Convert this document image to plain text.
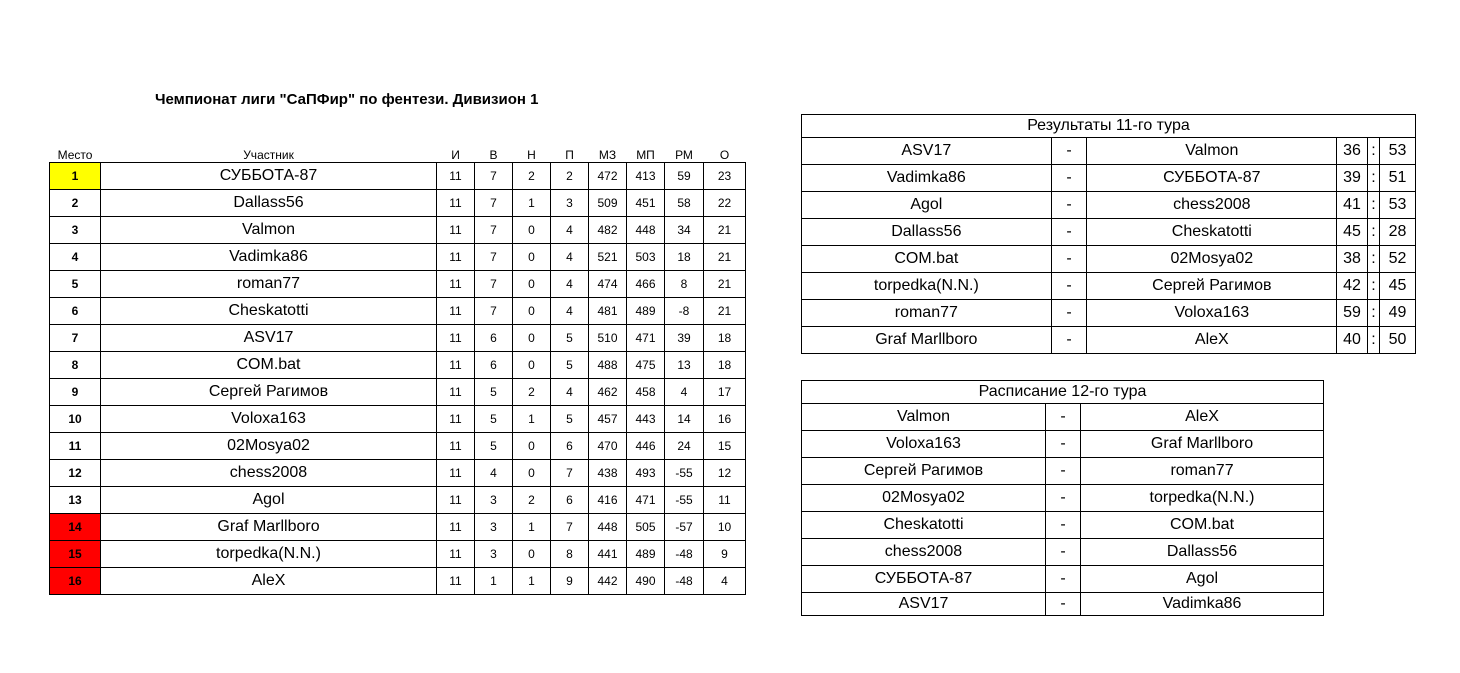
Чемпионат лиги "СаПФир" по фентези. Дивизион 1
Место	Участник	И	В	Н	П	МЗ	МП	РМ	О
1	СУББОТА-87	11	7	2	2	472	413	59	23
2	Dallass56	11	7	1	3	509	451	58	22
3	Valmon	11	7	0	4	482	448	34	21
4	Vadimka86	11	7	0	4	521	503	18	21
5	roman77	11	7	0	4	474	466	8	21
6	Cheskatotti	11	7	0	4	481	489	-8	21
7	ASV17	11	6	0	5	510	471	39	18
8	COM.bat	11	6	0	5	488	475	13	18
9	Сергей Рагимов	11	5	2	4	462	458	4	17
10	Voloxa163	11	5	1	5	457	443	14	16
11	02Mosya02	11	5	0	6	470	446	24	15
12	chess2008	11	4	0	7	438	493	-55	12
13	Agol	11	3	2	6	416	471	-55	11
14	Graf Marllboro	11	3	1	7	448	505	-57	10
15	torpedka(N.N.)	11	3	0	8	441	489	-48	9
16	AleX	11	1	1	9	442	490	-48	4
Результаты 11-го тура					
ASV17	-	Valmon	36	:	53
Vadimka86	-	СУББОТА-87	39	:	51
Agol	-	chess2008	41	:	53
Dallass56	-	Cheskatotti	45	:	28
COM.bat	-	02Mosya02	38	:	52
torpedka(N.N.)	-	Сергей Рагимов	42	:	45
roman77	-	Voloxa163	59	:	49
Graf Marllboro	-	AleX	40	:	50
Расписание 12-го тура		
Valmon	-	AleX
Voloxa163	-	Graf Marllboro
Сергей Рагимов	-	roman77
02Mosya02	-	torpedka(N.N.)
Cheskatotti	-	COM.bat
chess2008	-	Dallass56
СУББОТА-87	-	Agol
ASV17	-	Vadimka86
